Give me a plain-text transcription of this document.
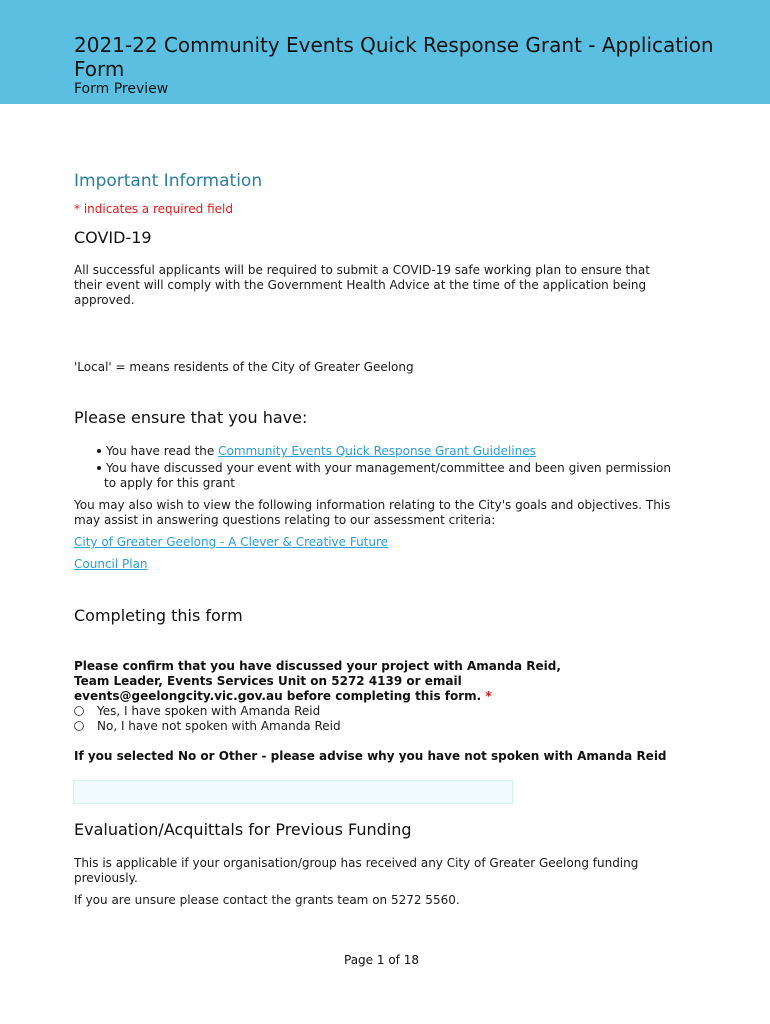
2021-22 Community Events Quick Response Grant - Application Form
Form Preview
Important Information
* indicates a required field
COVID-19
All successful applicants will be required to submit a COVID-19 safe working plan to ensure that their event will comply with the Government Health Advice at the time of the application being approved.
'Local' = means residents of the City of Greater Geelong
Please ensure that you have:
You have read the Community Events Quick Response Grant Guidelines
You have discussed your event with your management/committee and been given permission to apply for this grant
You may also wish to view the following information relating to the City's goals and objectives. This may assist in answering questions relating to our assessment criteria:
City of Greater Geelong - A Clever & Creative Future
Council Plan
Completing this form
Please confirm that you have discussed your project with Amanda Reid, Team Leader, Events Services Unit on 5272 4139 or email events@geelongcity.vic.gov.au before completing this form. *
Yes, I have spoken with Amanda Reid
No, I have not spoken with Amanda Reid
If you selected No or Other - please advise why you have not spoken with Amanda Reid
Evaluation/Acquittals for Previous Funding
This is applicable if your organisation/group has received any City of Greater Geelong funding previously.
If you are unsure please contact the grants team on 5272 5560.
Page 1 of 18
